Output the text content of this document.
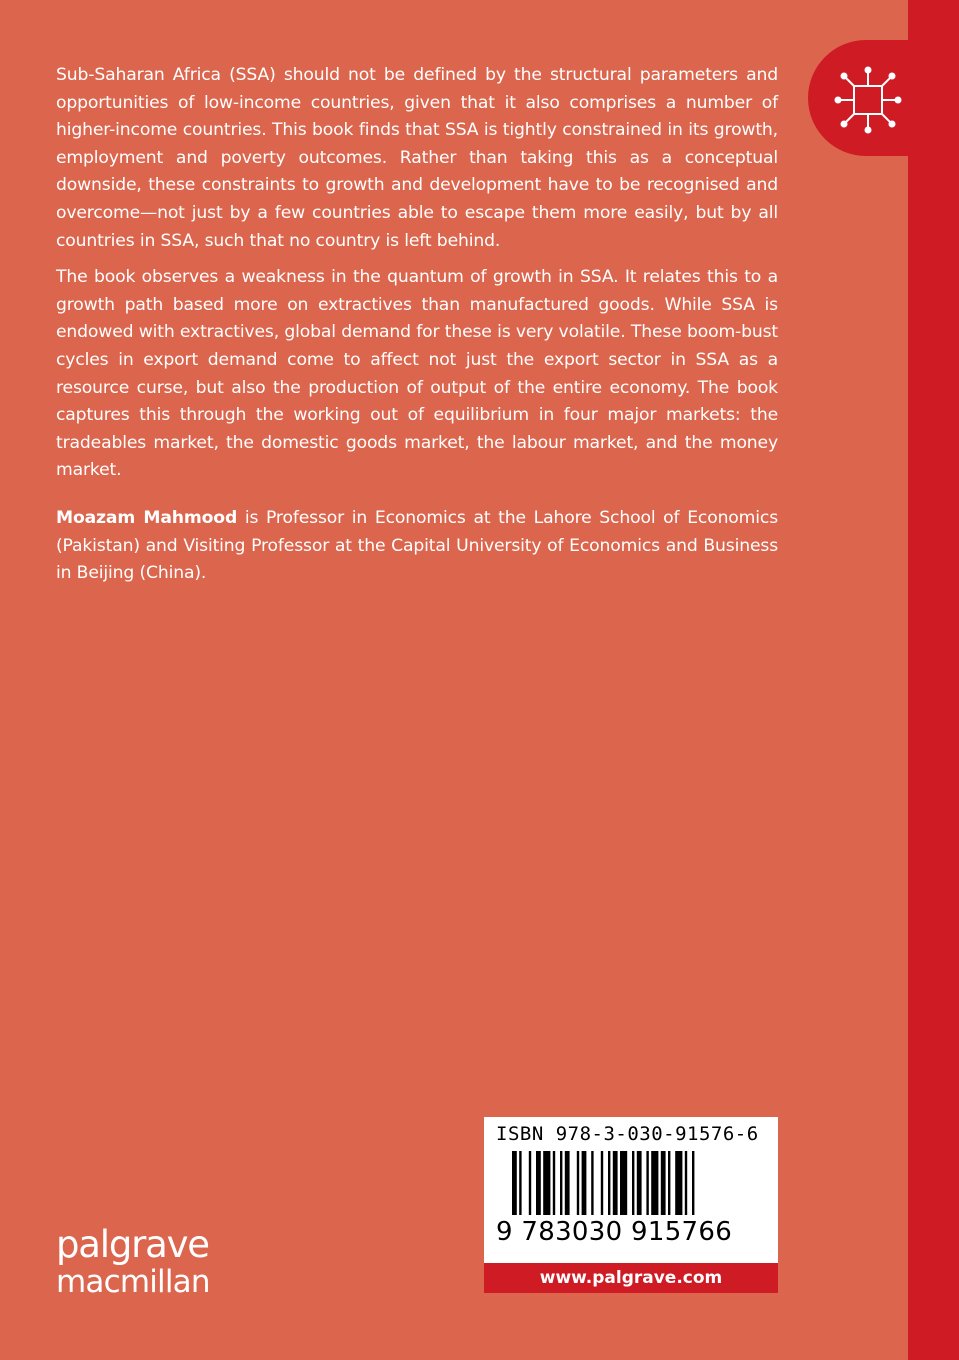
Sub-Saharan Africa (SSA) should not be defined by the structural parameters and opportunities of low-income countries, given that it also comprises a number of higher-income countries. This book finds that SSA is tightly constrained in its growth, employment and poverty outcomes. Rather than taking this as a conceptual downside, these constraints to growth and development have to be recognised and overcome—not just by a few countries able to escape them more easily, but by all countries in SSA, such that no country is left behind.

The book observes a weakness in the quantum of growth in SSA. It relates this to a growth path based more on extractives than manufactured goods. While SSA is endowed with extractives, global demand for these is very volatile. These boom-bust cycles in export demand come to affect not just the export sector in SSA as a resource curse, but also the production of output of the entire economy. The book captures this through the working out of equilibrium in four major markets: the tradeables market, the domestic goods market, the labour market, and the money market.

Moazam Mahmood is Professor in Economics at the Lahore School of Economics (Pakistan) and Visiting Professor at the Capital University of Economics and Business in Beijing (China).

palgrave
macmillan
ISBN 978-3-030-91576-6
9 783030 915766
www.palgrave.com
